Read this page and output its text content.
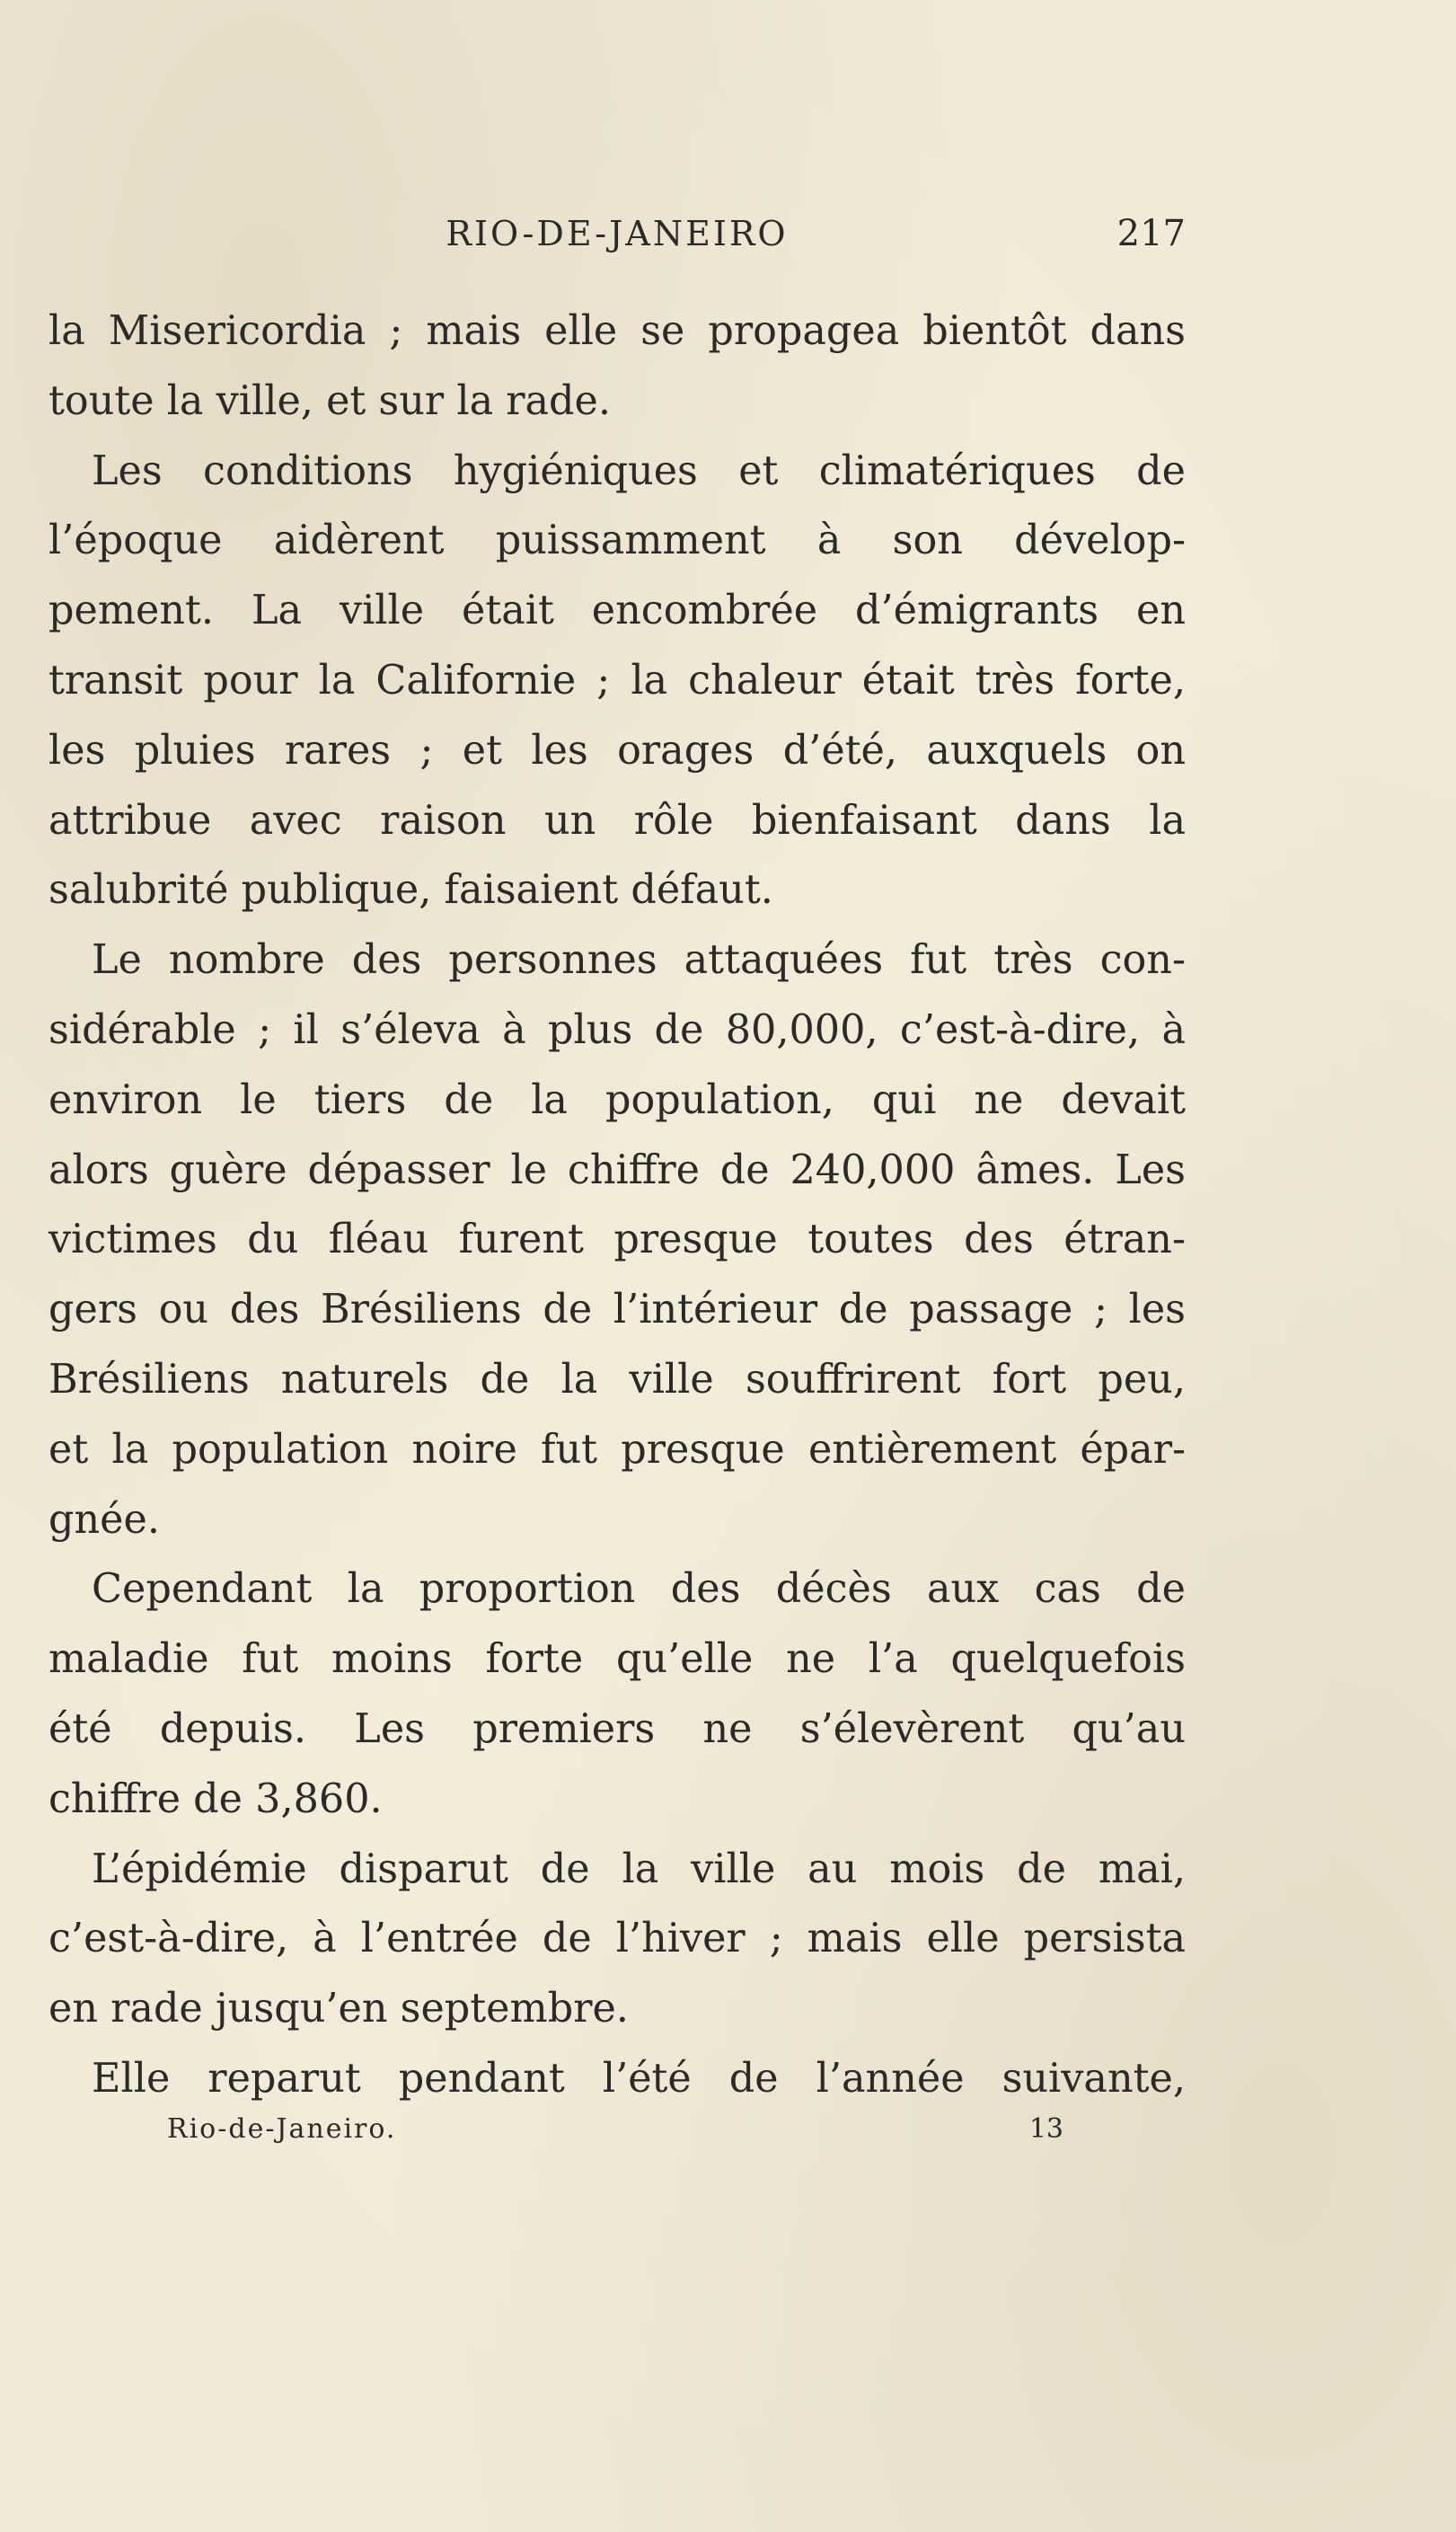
RIO-DE-JANEIRO	217
la Misericordia ; mais elle se propagea bientôt dans
toute la ville, et sur la rade.
Les conditions hygiéniques et climatériques de
l’époque aidèrent puissamment à son dévelop-
pement. La ville était encombrée d’émigrants en
transit pour la Californie ; la chaleur était très forte,
les pluies rares ; et les orages d’été, auxquels on
attribue avec raison un rôle bienfaisant dans la
salubrité publique, faisaient défaut.
Le nombre des personnes attaquées fut très con-
sidérable ; il s’éleva à plus de 80,000, c’est-à-dire, à
environ le tiers de la population, qui ne devait
alors guère dépasser le chiffre de 240,000 âmes. Les
victimes du fléau furent presque toutes des étran-
gers ou des Brésiliens de l’intérieur de passage ; les
Brésiliens naturels de la ville souffrirent fort peu,
et la population noire fut presque entièrement épar-
gnée.
Cependant la proportion des décès aux cas de
maladie fut moins forte qu’elle ne l’a quelquefois
été depuis. Les premiers ne s’élevèrent qu’au
chiffre de 3,860.
L’épidémie disparut de la ville au mois de mai,
c’est-à-dire, à l’entrée de l’hiver ; mais elle persista
en rade jusqu’en septembre.
Elle reparut pendant l’été de l’année suivante,
Rio-de-Janeiro.	13
